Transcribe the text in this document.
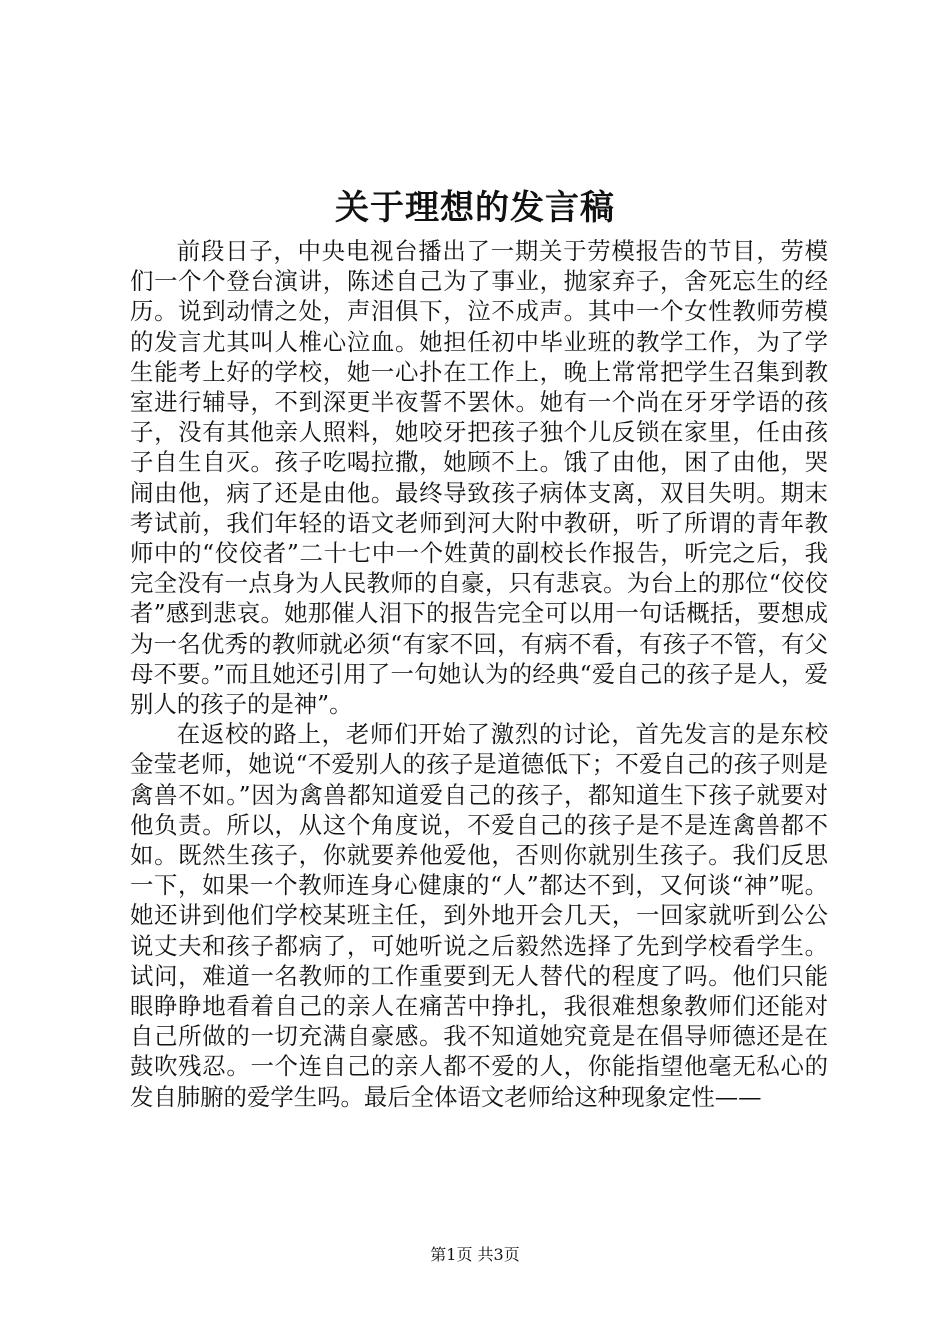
关于理想的发言稿

前段日子，中央电视台播出了一期关于劳模报告的节目，劳模们一个个登台演讲，陈述自己为了事业，抛家弃子，舍死忘生的经历。说到动情之处，声泪俱下，泣不成声。其中一个女性教师劳模的发言尤其叫人椎心泣血。她担任初中毕业班的教学工作，为了学生能考上好的学校，她一心扑在工作上，晚上常常把学生召集到教室进行辅导，不到深更半夜誓不罢休。她有一个尚在牙牙学语的孩子，没有其他亲人照料，她咬牙把孩子独个儿反锁在家里，任由孩子自生自灭。孩子吃喝拉撒，她顾不上。饿了由他，困了由他，哭闹由他，病了还是由他。最终导致孩子病体支离，双目失明。期末考试前，我们年轻的语文老师到河大附中教研，听了所谓的青年教师中的“佼佼者”二十七中一个姓黄的副校长作报告，听完之后，我完全没有一点身为人民教师的自豪，只有悲哀。为台上的那位“佼佼者”感到悲哀。她那催人泪下的报告完全可以用一句话概括，要想成为一名优秀的教师就必须“有家不回，有病不看，有孩子不管，有父母不要。”而且她还引用了一句她认为的经典“爱自己的孩子是人，爱别人的孩子的是神”。

在返校的路上，老师们开始了激烈的讨论，首先发言的是东校金莹老师，她说“不爱别人的孩子是道德低下；不爱自己的孩子则是禽兽不如。”因为禽兽都知道爱自己的孩子，都知道生下孩子就要对他负责。所以，从这个角度说，不爱自己的孩子是不是连禽兽都不如。既然生孩子，你就要养他爱他，否则你就别生孩子。我们反思一下，如果一个教师连身心健康的“人”都达不到，又何谈“神”呢。她还讲到他们学校某班主任，到外地开会几天，一回家就听到公公说丈夫和孩子都病了，可她听说之后毅然选择了先到学校看学生。试问，难道一名教师的工作重要到无人替代的程度了吗。他们只能眼睁睁地看着自己的亲人在痛苦中挣扎，我很难想象教师们还能对自己所做的一切充满自豪感。我不知道她究竟是在倡导师德还是在鼓吹残忍。一个连自己的亲人都不爱的人，你能指望他毫无私心的发自肺腑的爱学生吗。最后全体语文老师给这种现象定性——

第1页 共3页
